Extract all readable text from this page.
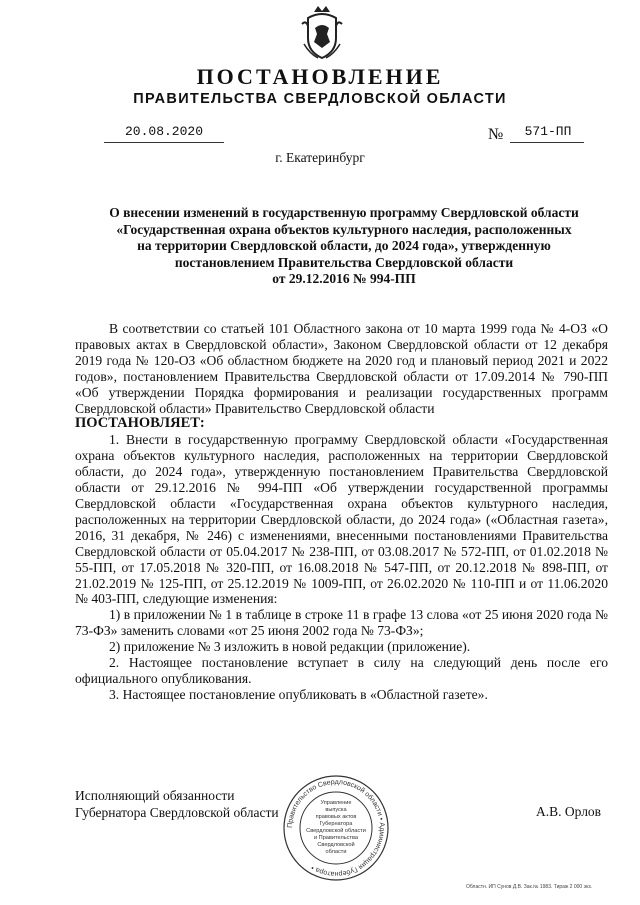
ПОСТАНОВЛЕНИЕ
ПРАВИТЕЛЬСТВА СВЕРДЛОВСКОЙ ОБЛАСТИ
20.08.2020	№	571-ПП
г. Екатеринбург
О внесении изменений в государственную программу Свердловской области
«Государственная охрана объектов культурного наследия, расположенных
на территории Свердловской области, до 2024 года», утвержденную
постановлением Правительства Свердловской области
от 29.12.2016 № 994-ПП

В соответствии со статьей 101 Областного закона от 10 марта 1999 года № 4-ОЗ «О правовых актах в Свердловской области», Законом Свердловской области от 12 декабря 2019 года № 120-ОЗ «Об областном бюджете на 2020 год и плановый период 2021 и 2022 годов», постановлением Правительства Свердловской области от 17.09.2014 № 790-ПП «Об утверждении Порядка формирования и реализации государственных программ Свердловской области» Правительство Свердловской области

ПОСТАНОВЛЯЕТ:

1. Внести в государственную программу Свердловской области «Государственная охрана объектов культурного наследия, расположенных на территории Свердловской области, до 2024 года», утвержденную постановлением Правительства Свердловской области от 29.12.2016 № 994-ПП «Об утверждении государственной программы Свердловской области «Государственная охрана объектов культурного наследия, расположенных на территории Свердловской области, до 2024 года» («Областная газета», 2016, 31 декабря, № 246) с изменениями, внесенными постановлениями Правительства Свердловской области от 05.04.2017 № 238-ПП, от 03.08.2017 № 572-ПП, от 01.02.2018 № 55-ПП, от 17.05.2018 № 320-ПП, от 16.08.2018 № 547-ПП, от 20.12.2018 № 898-ПП, от 21.02.2019 № 125-ПП, от 25.12.2019 № 1009-ПП, от 26.02.2020 № 110-ПП и от 11.06.2020 № 403-ПП, следующие изменения:

1) в приложении № 1 в таблице в строке 11 в графе 13 слова «от 25 июня 2020 года № 73-ФЗ» заменить словами «от 25 июня 2002 года № 73-ФЗ»;

2) приложение № 3 изложить в новой редакции (приложение).

2. Настоящее постановление вступает в силу на следующий день после его официального опубликования.

3. Настоящее постановление опубликовать в «Областной газете».

Исполняющий обязанности
Губернатора Свердловской области	А.В. Орлов
Правительство Свердловской области • Администрация Губернатора •
Управление
выпуска
правовых актов
Губернатора
Свердловской области
и Правительства
Свердловской
области
Областн. ИП Сунов Д.В. Зак.№ 1983. Тираж 2 000 экз.
